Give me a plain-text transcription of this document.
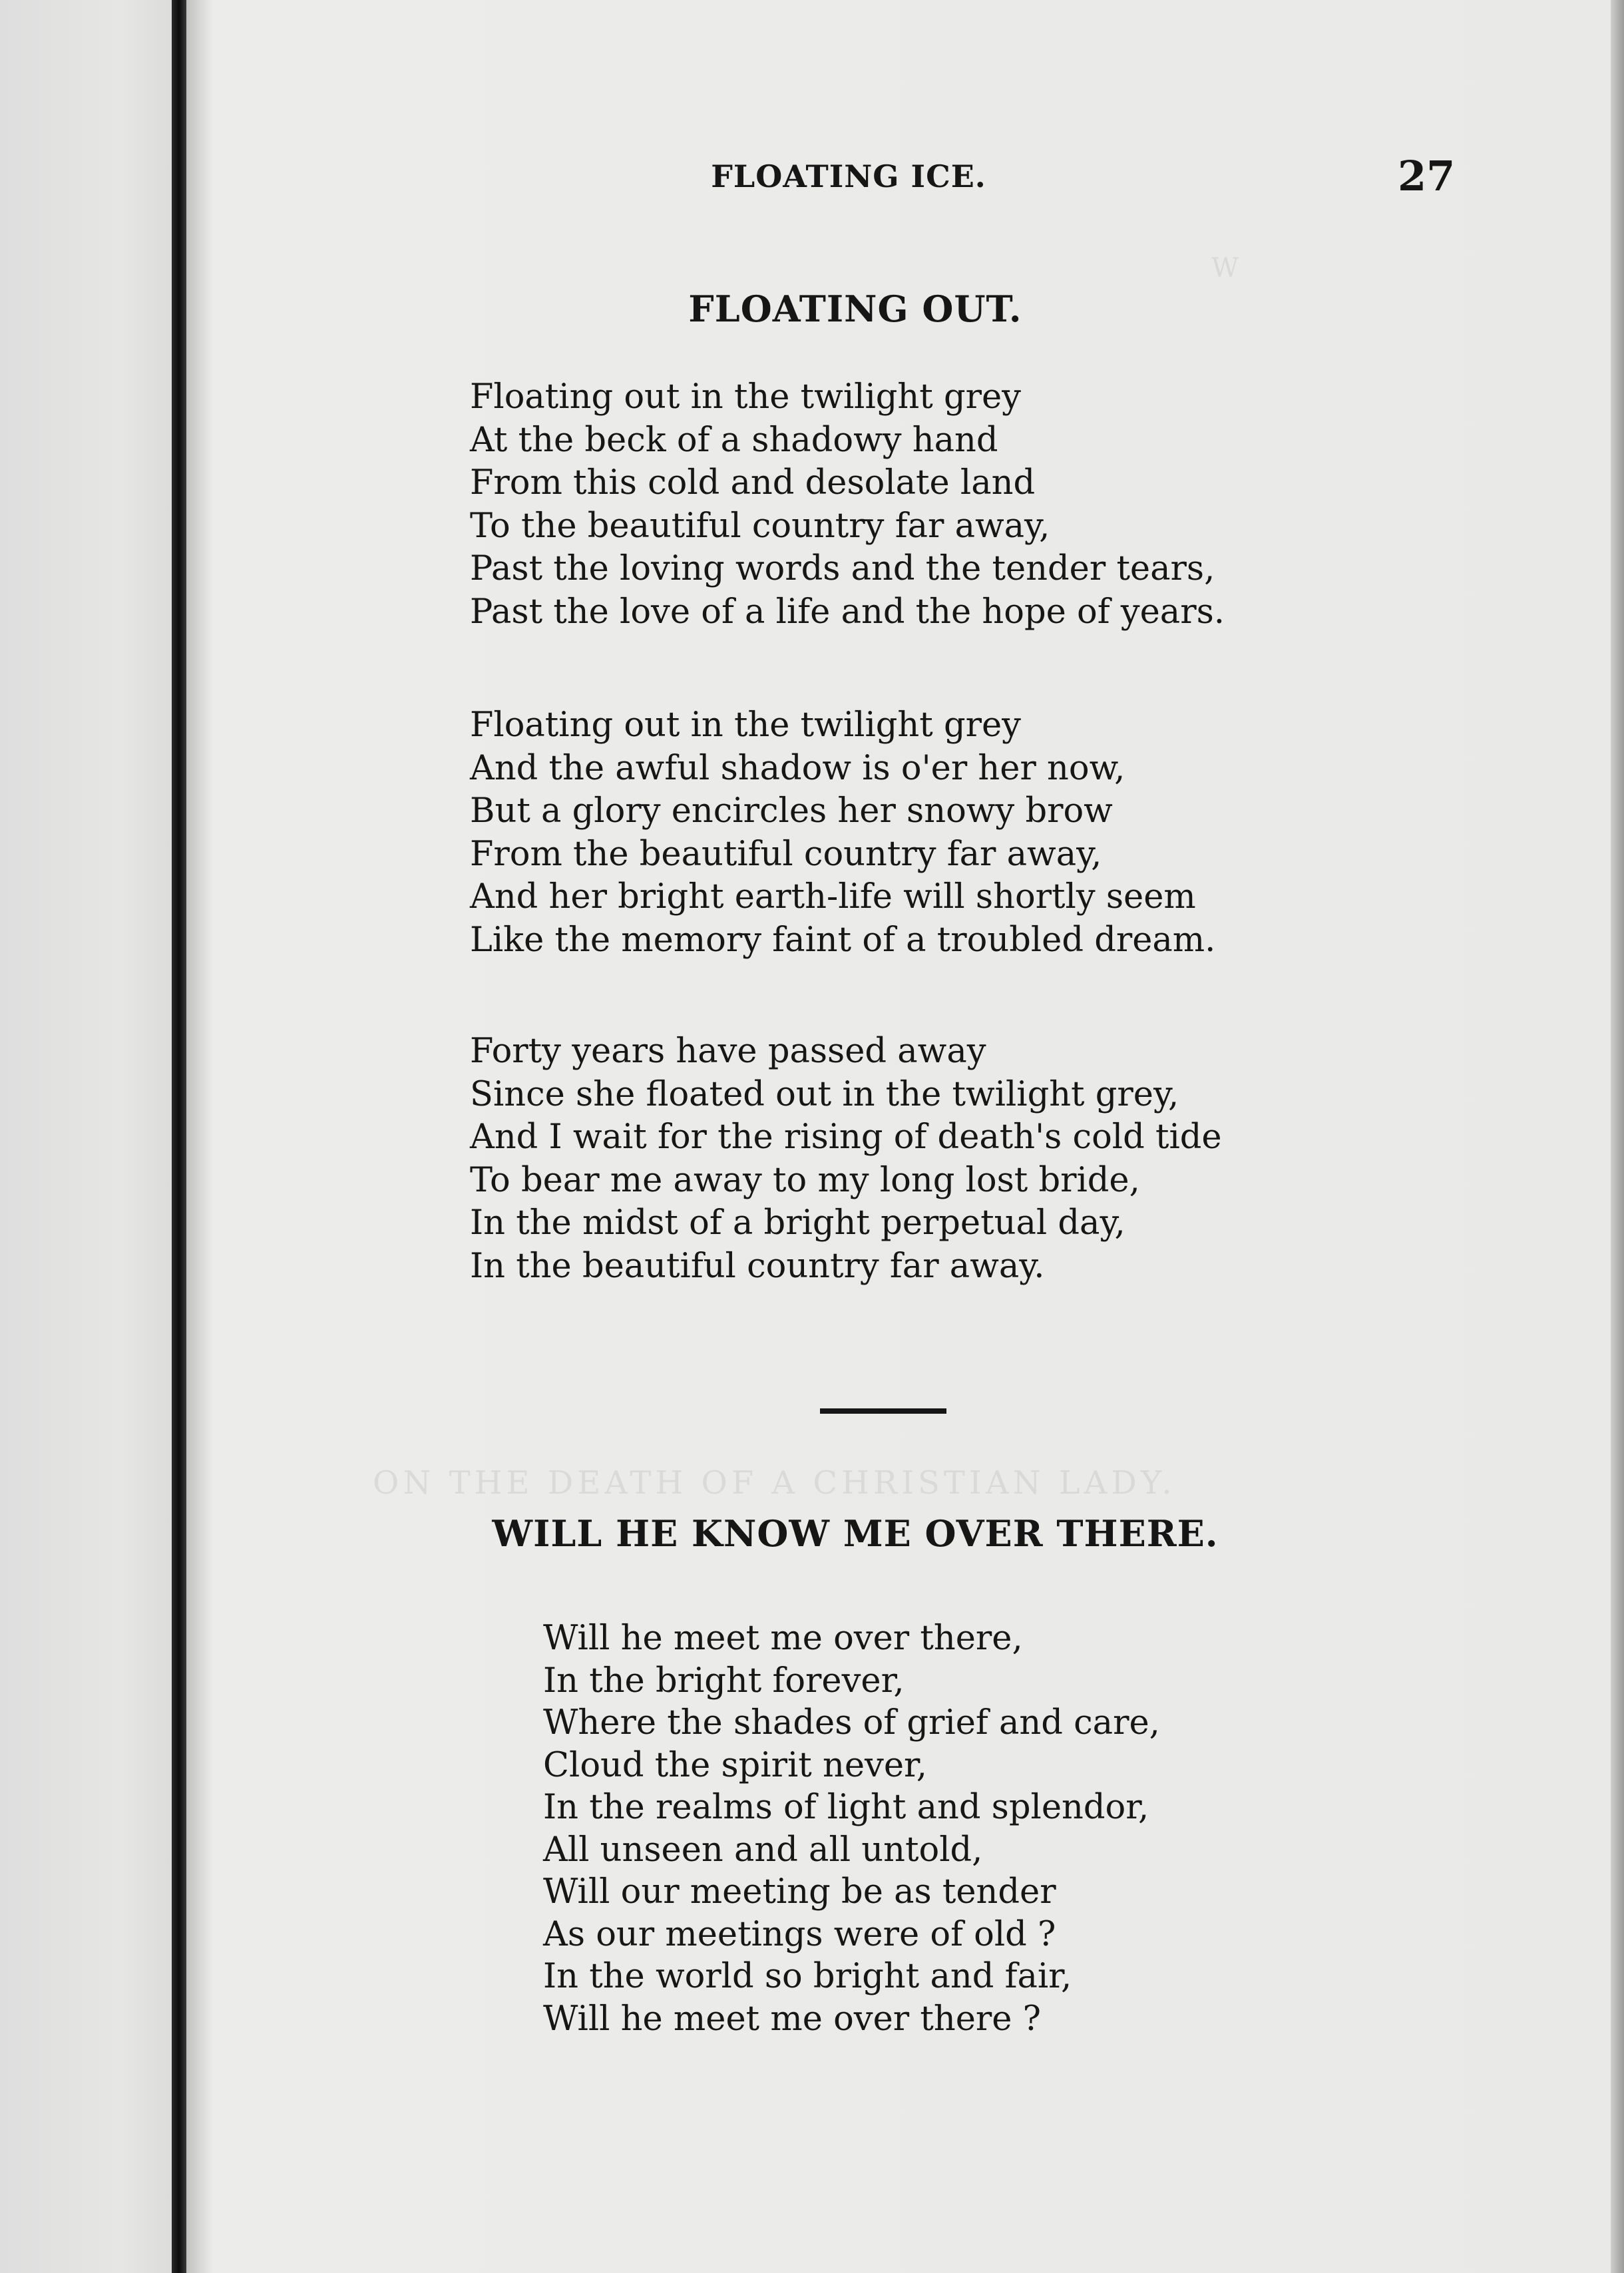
W
ON THE DEATH OF A CHRISTIAN LADY.
FLOATING ICE.	27
FLOATING OUT.
Floating out in the twilight grey
At the beck of a shadowy hand
From this cold and desolate land
To the beautiful country far away,
Past the loving words and the tender tears,
Past the love of a life and the hope of years.
Floating out in the twilight grey
And the awful shadow is o'er her now,
But a glory encircles her snowy brow
From the beautiful country far away,
And her bright earth-life will shortly seem
Like the memory faint of a troubled dream.
Forty years have passed away
Since she floated out in the twilight grey,
And I wait for the rising of death's cold tide
To bear me away to my long lost bride,
In the midst of a bright perpetual day,
In the beautiful country far away.
WILL HE KNOW ME OVER THERE.
Will he meet me over there,
In the bright forever,
Where the shades of grief and care,
Cloud the spirit never,
In the realms of light and splendor,
All unseen and all untold,
Will our meeting be as tender
As our meetings were of old ?
In the world so bright and fair,
Will he meet me over there ?
